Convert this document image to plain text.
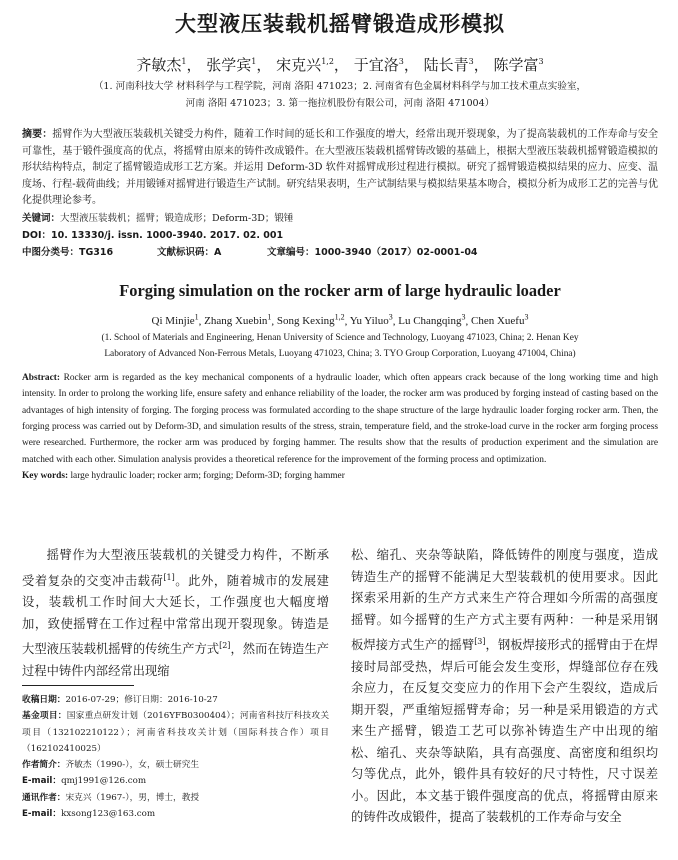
大型液压装载机摇臂锻造成形模拟
齐敏杰$^1$， 张学宾$^1$， 宋克兴$^{1,2}$， 于宜洛$^3$， 陆长青$^3$， 陈学富$^3$
（1. 河南科技大学 材料科学与工程学院，河南 洛阳 471023；2. 河南省有色金属材料科学与加工技术重点实验室，
河南 洛阳 471023；3. 第一拖拉机股份有限公司，河南 洛阳 471004）
摘要：摇臂作为大型液压装载机关键受力构件，随着工作时间的延长和工作强度的增大，经常出现开裂现象，为了提高装载机的工作寿命与安全可靠性，基于锻件强度高的优点，将摇臂由原来的铸件改成锻件。在大型液压装载机摇臂铸改锻的基础上，根据大型液压装载机摇臂锻造模拟的形状结构特点，制定了摇臂锻造成形工艺方案。并运用 Deform-3D 软件对摇臂成形过程进行模拟。研究了摇臂锻造模拟结果的应力、应变、温度场、行程-载荷曲线；并用锻锤对摇臂进行锻造生产试制。研究结果表明，生产试制结果与模拟结果基本吻合，模拟分析为成形工艺的完善与优化提供理论参考。
关键词：大型液压装载机；摇臂；锻造成形；Deform-3D；锻锤
DOI：10. 13330/j. issn. 1000-3940. 2017. 02. 001
中图分类号：TG316	文献标识码：A	文章编号：1000-3940（2017）02-0001-04
Forging simulation on the rocker arm of large hydraulic loader
Qi Minjie$^1$, Zhang Xuebin$^1$, Song Kexing$^{1,2}$, Yu Yiluo$^3$, Lu Changqing$^3$, Chen Xuefu$^3$
(1. School of Materials and Engineering, Henan University of Science and Technology, Luoyang 471023, China; 2. Henan Key
Laboratory of Advanced Non-Ferrous Metals, Luoyang 471023, China; 3. TYO Group Corporation, Luoyang 471004, China)
Abstract: Rocker arm is regarded as the key mechanical components of a hydraulic loader, which often appears crack because of the long working time and high intensity. In order to prolong the working life, ensure safety and enhance reliability of the loader, the rocker arm was produced by forging instead of casting based on the advantages of high intensity of forging. The forging process was formulated according to the shape structure of the large hydraulic loader forging rocker arm. Then, the forging process was carried out by Deform-3D, and simulation results of the stress, strain, temperature field, and the stroke-load curve in the rocker arm forging process were researched. Furthermore, the rocker arm was produced by forging hammer. The results show that the results of production experiment and the simulation are matched with each other. Simulation analysis provides a theoretical reference for the improvement of the forming process and optimization.
Key words: large hydraulic loader; rocker arm; forging; Deform-3D; forging hammer
摇臂作为大型液压装载机的关键受力构件，不断承受着复杂的交变冲击载荷[1]。此外，随着城市的发展建设，装载机工作时间大大延长，工作强度也大幅度增加，致使摇臂在工作过程中常常出现开裂现象。铸造是大型液压装载机摇臂的传统生产方式[2]，然而在铸造生产过程中铸件内部经常出现缩
收稿日期：2016-07-29；修订日期：2016-10-27
基金项目：国家重点研发计划（2016YFB0300404）；河南省科技厅科技攻关项目（132102210122）；河南省科技攻关计划（国际科技合作）项目（162102410025）
作者简介：齐敏杰（1990-），女，硕士研究生
E-mail：qmj1991@126.com
通讯作者：宋克兴（1967-），男，博士，教授
E-mail：kxsong123@163.com
松、缩孔、夹杂等缺陷，降低铸件的刚度与强度，造成铸造生产的摇臂不能满足大型装载机的使用要求。因此探索采用新的生产方式来生产符合理如今所需的高强度摇臂。如今摇臂的生产方式主要有两种：一种是采用钢板焊接方式生产的摇臂[3]，钢板焊接形式的摇臂由于在焊接时局部受热，焊后可能会发生变形，焊缝部位存在残余应力，在反复交变应力的作用下会产生裂纹，造成后期开裂，严重缩短摇臂寿命；另一种是采用锻造的方式来生产摇臂，锻造工艺可以弥补铸造生产中出现的缩松、缩孔、夹杂等缺陷，具有高强度、高密度和组织均匀等优点，此外，锻件具有较好的尺寸特性，尺寸误差小。因此，本文基于锻件强度高的优点，将摇臂由原来的铸件改成锻件，提高了装载机的工作寿命与安全
